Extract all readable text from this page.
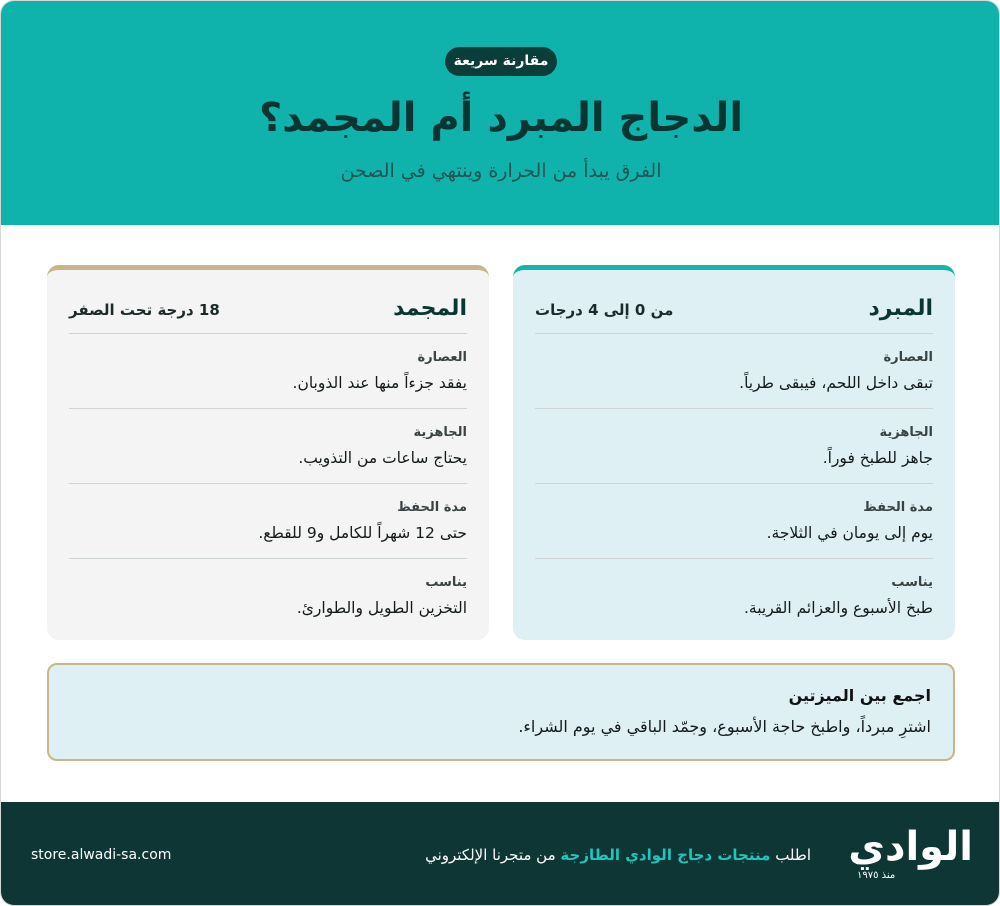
مقارنة سريعة
الدجاج المبرد أم المجمد؟
الفرق يبدأ من الحرارة وينتهي في الصحن
المبرد
من 0 إلى 4 درجات
العصارة
تبقى داخل اللحم، فيبقى طرياً.
الجاهزية
جاهز للطبخ فوراً.
مدة الحفظ
يوم إلى يومان في الثلاجة.
يناسب
طبخ الأسبوع والعزائم القريبة.
المجمد
18 درجة تحت الصفر
العصارة
يفقد جزءاً منها عند الذوبان.
الجاهزية
يحتاج ساعات من التذويب.
مدة الحفظ
حتى 12 شهراً للكامل و9 للقطع.
يناسب
التخزين الطويل والطوارئ.
اجمع بين الميزتين
اشترِ مبرداً، واطبخ حاجة الأسبوع، وجمّد الباقي في يوم الشراء.
الوادي
منذ ١٩٧٥
اطلب منتجات دجاج الوادي الطازجة من متجرنا الإلكتروني
store.alwadi-sa.com
